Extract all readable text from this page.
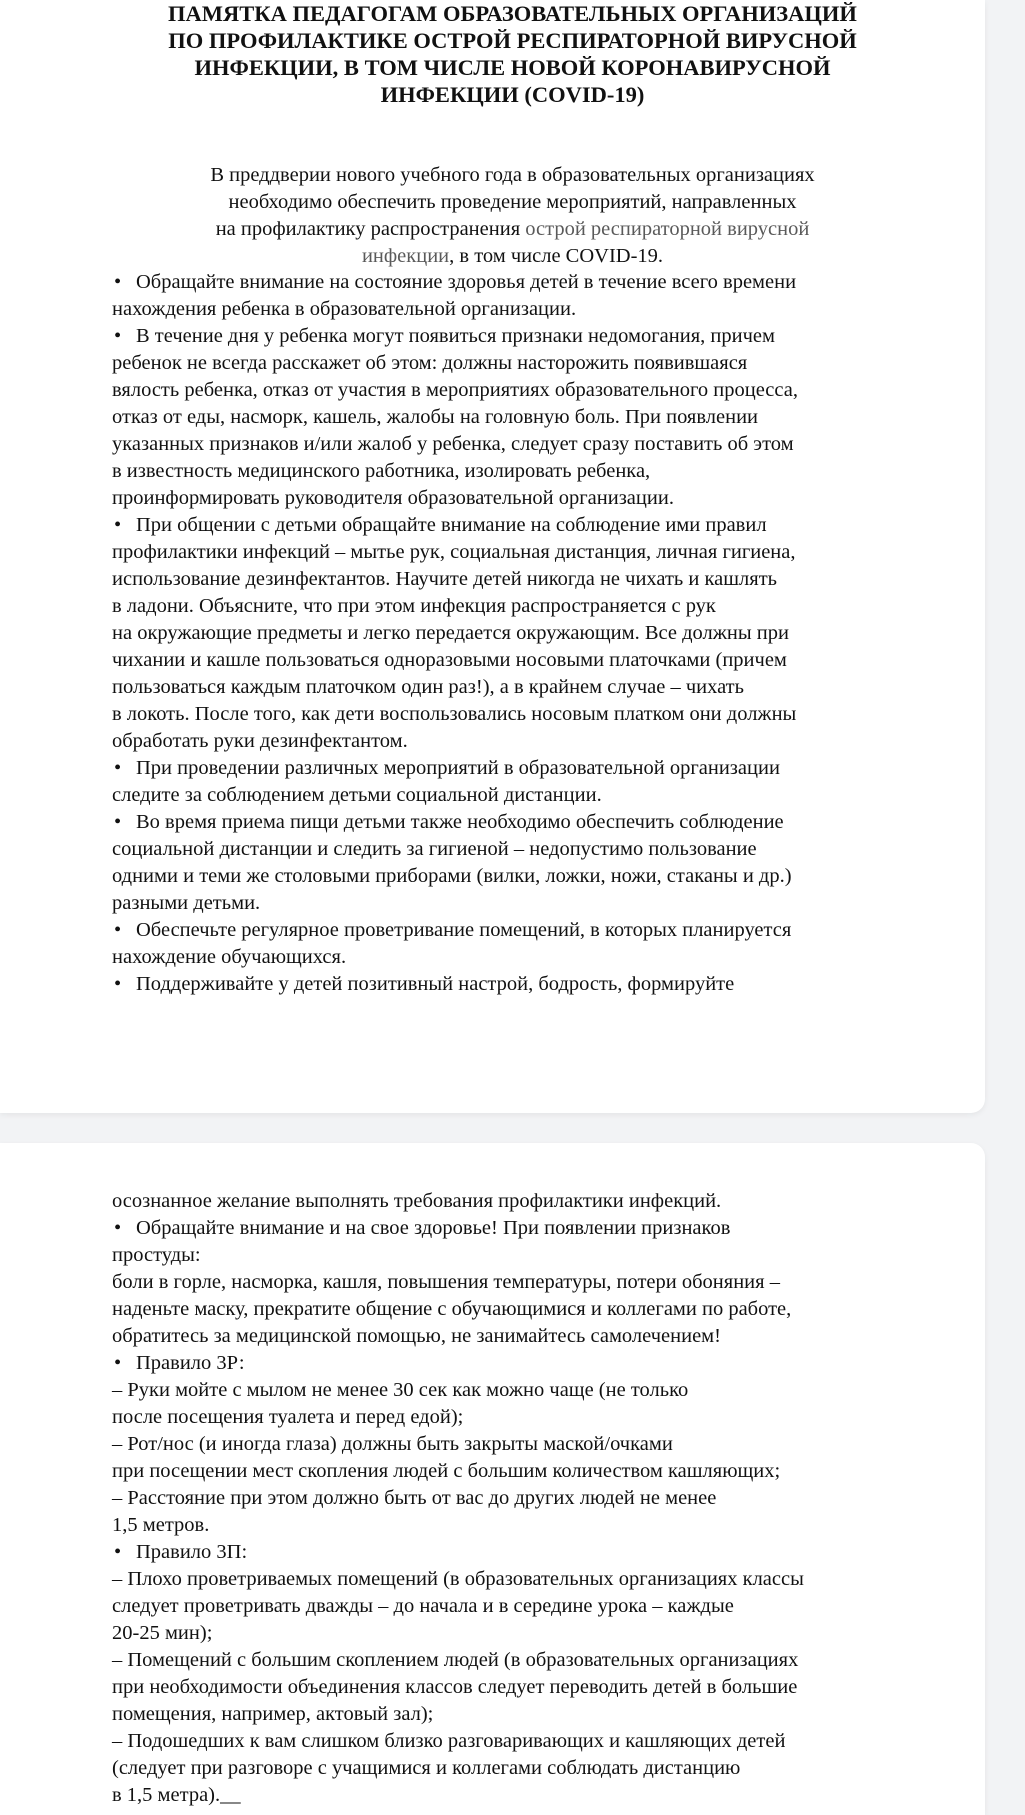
ПАМЯТКА ПЕДАГОГАМ ОБРАЗОВАТЕЛЬНЫХ ОРГАНИЗАЦИЙ
ПО ПРОФИЛАКТИКЕ ОСТРОЙ РЕСПИРАТОРНОЙ ВИРУСНОЙ
ИНФЕКЦИИ, В ТОМ ЧИСЛЕ НОВОЙ КОРОНАВИРУСНОЙ
ИНФЕКЦИИ (COVID-19)
В преддверии нового учебного года в образовательных организациях
необходимо обеспечить проведение мероприятий, направленных
на профилактику распространения острой респираторной вирусной
инфекции, в том числе COVID-19.
• Обращайте внимание на состояние здоровья детей в течение всего времени
нахождения ребенка в образовательной организации.
• В течение дня у ребенка могут появиться признаки недомогания, причем
ребенок не всегда расскажет об этом: должны насторожить появившаяся
вялость ребенка, отказ от участия в мероприятиях образовательного процесса,
отказ от еды, насморк, кашель, жалобы на головную боль. При появлении
указанных признаков и/или жалоб у ребенка, следует сразу поставить об этом
в известность медицинского работника, изолировать ребенка,
проинформировать руководителя образовательной организации.
• При общении с детьми обращайте внимание на соблюдение ими правил
профилактики инфекций – мытье рук, социальная дистанция, личная гигиена,
использование дезинфектантов. Научите детей никогда не чихать и кашлять
в ладони. Объясните, что при этом инфекция распространяется с рук
на окружающие предметы и легко передается окружающим. Все должны при
чихании и кашле пользоваться одноразовыми носовыми платочками (причем
пользоваться каждым платочком один раз!), а в крайнем случае – чихать
в локоть. После того, как дети воспользовались носовым платком они должны
обработать руки дезинфектантом.
• При проведении различных мероприятий в образовательной организации
следите за соблюдением детьми социальной дистанции.
• Во время приема пищи детьми также необходимо обеспечить соблюдение
социальной дистанции и следить за гигиеной – недопустимо пользование
одними и теми же столовыми приборами (вилки, ложки, ножи, стаканы и др.)
разными детьми.
• Обеспечьте регулярное проветривание помещений, в которых планируется
нахождение обучающихся.
• Поддерживайте у детей позитивный настрой, бодрость, формируйте
осознанное желание выполнять требования профилактики инфекций.
• Обращайте внимание и на свое здоровье! При появлении признаков
простуды:
боли в горле, насморка, кашля, повышения температуры, потери обоняния –
наденьте маску, прекратите общение с обучающимися и коллегами по работе,
обратитесь за медицинской помощью, не занимайтесь самолечением!
• Правило 3Р:
– Руки мойте с мылом не менее 30 сек как можно чаще (не только
после посещения туалета и перед едой);
– Рот/нос (и иногда глаза) должны быть закрыты маской/очками
при посещении мест скопления людей с большим количеством кашляющих;
– Расстояние при этом должно быть от вас до других людей не менее
1,5 метров.
• Правило 3П:
– Плохо проветриваемых помещений (в образовательных организациях классы
следует проветривать дважды – до начала и в середине урока – каждые
20-25 мин);
– Помещений с большим скоплением людей (в образовательных организациях
при необходимости объединения классов следует переводить детей в большие
помещения, например, актовый зал);
– Подошедших к вам слишком близко разговаривающих и кашляющих детей
(следует при разговоре с учащимися и коллегами соблюдать дистанцию
в 1,5 метра).__
